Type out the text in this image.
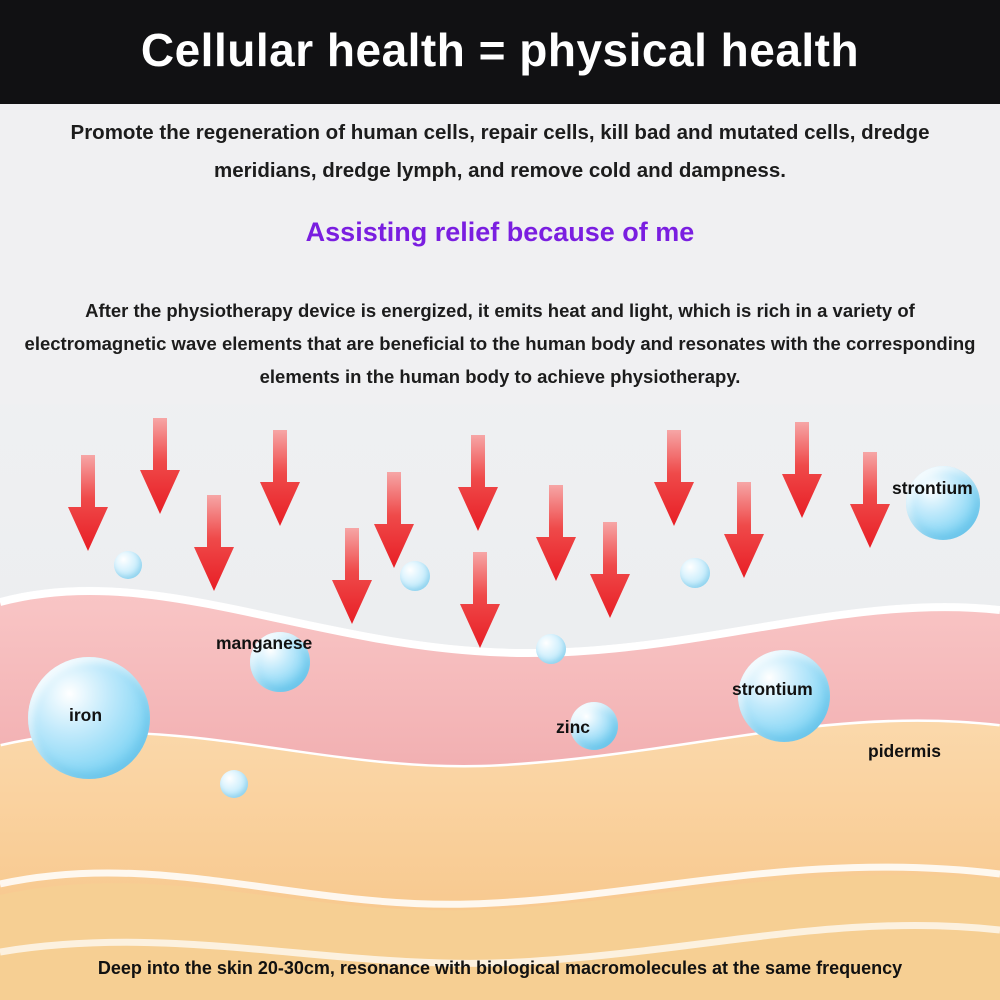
Cellular health = physical health
Promote the regeneration of human cells, repair cells, kill bad and mutated cells, dredge meridians, dredge lymph, and remove cold and dampness.
Assisting relief because of me
After the physiotherapy device is energized, it emits heat and light, which is rich in a variety of electromagnetic wave elements that are beneficial to the human body and resonates with the corresponding elements in the human body to achieve physiotherapy.
strontium
manganese
strontium
iron
zinc
pidermis
Deep into the skin 20-30cm, resonance with biological macromolecules at the same frequency
